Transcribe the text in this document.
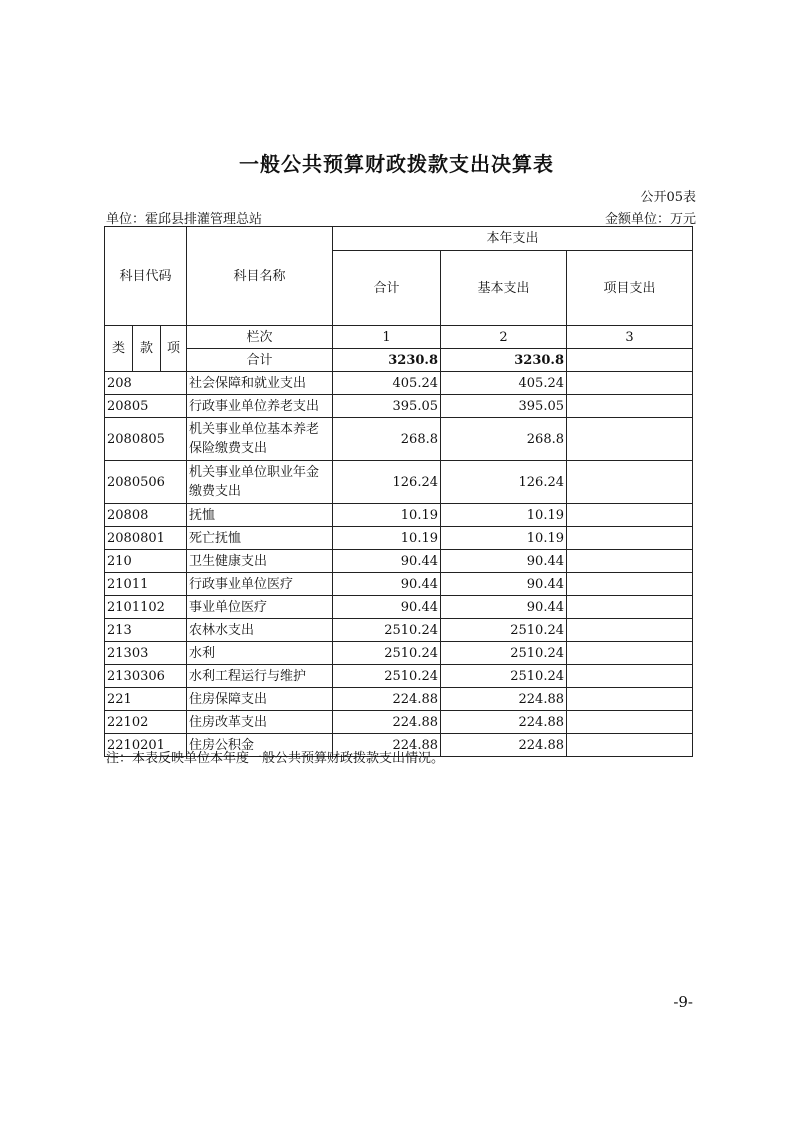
一般公共预算财政拨款支出决算表
公开05表
单位：霍邱县排灌管理总站	金额单位：万元
科目代码			科目名称	本年支出		
				合计	基本支出	项目支出
类	款	项	栏次	1	2	3
			合计	3230.8	3230.8	
208			社会保障和就业支出	405.24	405.24	
20805			行政事业单位养老支出	395.05	395.05	
2080805			机关事业单位基本养老保险缴费支出	268.8	268.8	
2080506			机关事业单位职业年金缴费支出	126.24	126.24	
20808			抚恤	10.19	10.19	
2080801			死亡抚恤	10.19	10.19	
210			卫生健康支出	90.44	90.44	
21011			行政事业单位医疗	90.44	90.44	
2101102			事业单位医疗	90.44	90.44	
213			农林水支出	2510.24	2510.24	
21303			水利	2510.24	2510.24	
2130306			水利工程运行与维护	2510.24	2510.24	
221			住房保障支出	224.88	224.88	
22102			住房改革支出	224.88	224.88	
2210201			住房公积金	224.88	224.88	
注：本表反映单位本年度一般公共预算财政拨款支出情况。
-9-
